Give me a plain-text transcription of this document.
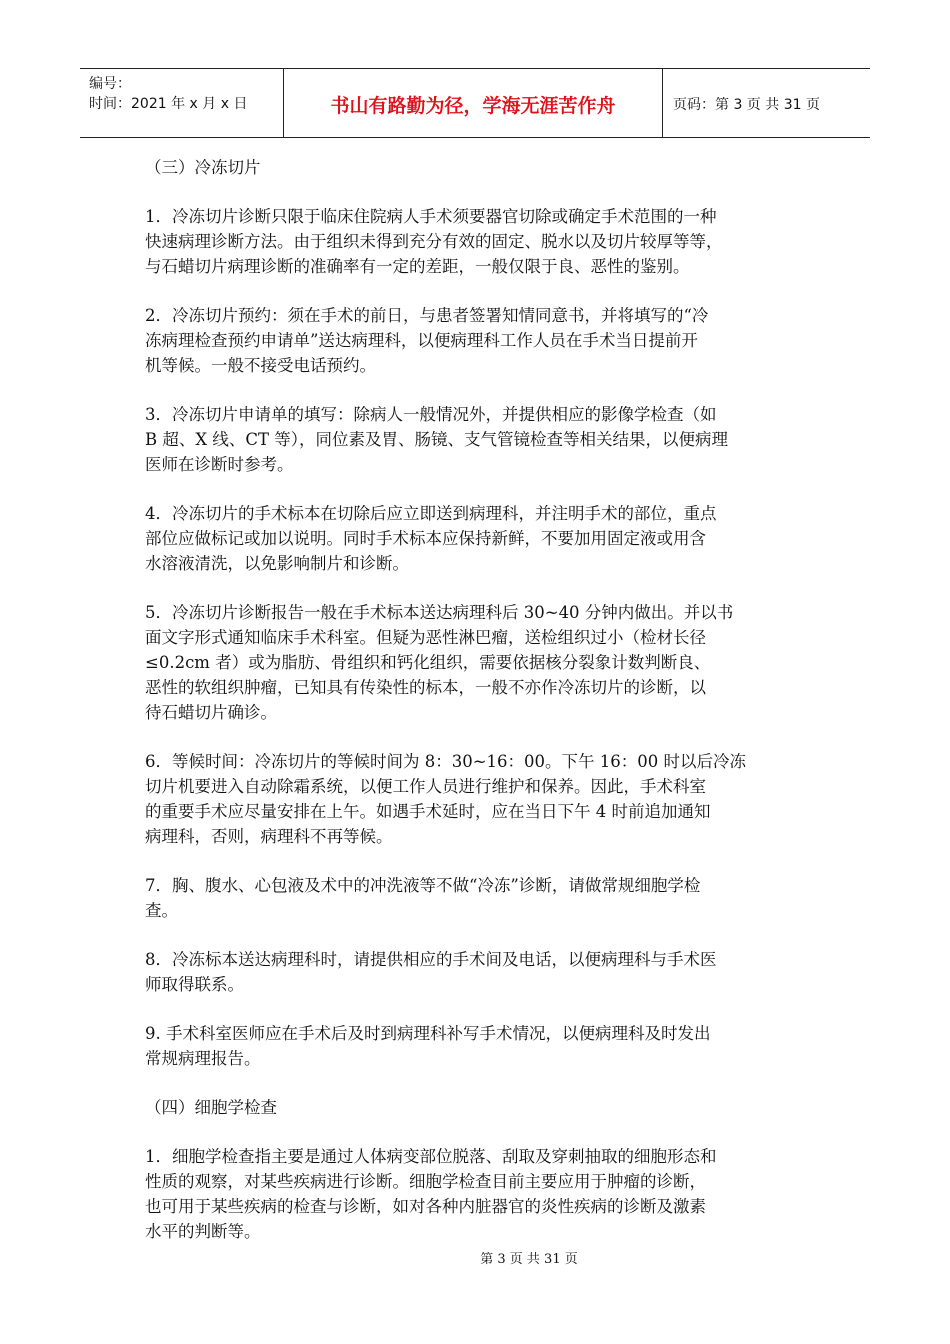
编号：
时间：2021 年 x 月 x 日	书山有路勤为径，学海无涯苦作舟	页码：第 3 页 共 31 页
（三）冷冻切片
1．冷冻切片诊断只限于临床住院病人手术须要器官切除或确定手术范围的一种
快速病理诊断方法。由于组织未得到充分有效的固定、脱水以及切片较厚等等，
与石蜡切片病理诊断的准确率有一定的差距，一般仅限于良、恶性的鉴别。
2．冷冻切片预约：须在手术的前日，与患者签署知情同意书，并将填写的“冷
冻病理检查预约申请单”送达病理科，以便病理科工作人员在手术当日提前开
机等候。一般不接受电话预约。
3．冷冻切片申请单的填写：除病人一般情况外，并提供相应的影像学检查（如
B 超、X 线、CT 等），同位素及胃、肠镜、支气管镜检查等相关结果，以便病理
医师在诊断时参考。
4．冷冻切片的手术标本在切除后应立即送到病理科，并注明手术的部位，重点
部位应做标记或加以说明。同时手术标本应保持新鲜，不要加用固定液或用含
水溶液清洗，以免影响制片和诊断。
5．冷冻切片诊断报告一般在手术标本送达病理科后 30~40 分钟内做出。并以书
面文字形式通知临床手术科室。但疑为恶性淋巴瘤，送检组织过小（检材长径
≤0.2cm 者）或为脂肪、骨组织和钙化组织，需要依据核分裂象计数判断良、
恶性的软组织肿瘤，已知具有传染性的标本，一般不亦作冷冻切片的诊断，以
待石蜡切片确诊。
6．等候时间：冷冻切片的等候时间为 8：30~16：00。下午 16：00 时以后冷冻
切片机要进入自动除霜系统，以便工作人员进行维护和保养。因此，手术科室
的重要手术应尽量安排在上午。如遇手术延时，应在当日下午 4 时前追加通知
病理科，否则，病理科不再等候。
7．胸、腹水、心包液及术中的冲洗液等不做“冷冻”诊断，请做常规细胞学检
查。
8．冷冻标本送达病理科时，请提供相应的手术间及电话，以便病理科与手术医
师取得联系。
9. 手术科室医师应在手术后及时到病理科补写手术情况，以便病理科及时发出
常规病理报告。
（四）细胞学检查
1．细胞学检查指主要是通过人体病变部位脱落、刮取及穿刺抽取的细胞形态和
性质的观察，对某些疾病进行诊断。细胞学检查目前主要应用于肿瘤的诊断，
也可用于某些疾病的检查与诊断，如对各种内脏器官的炎性疾病的诊断及激素
水平的判断等。
第 3 页 共 31 页
